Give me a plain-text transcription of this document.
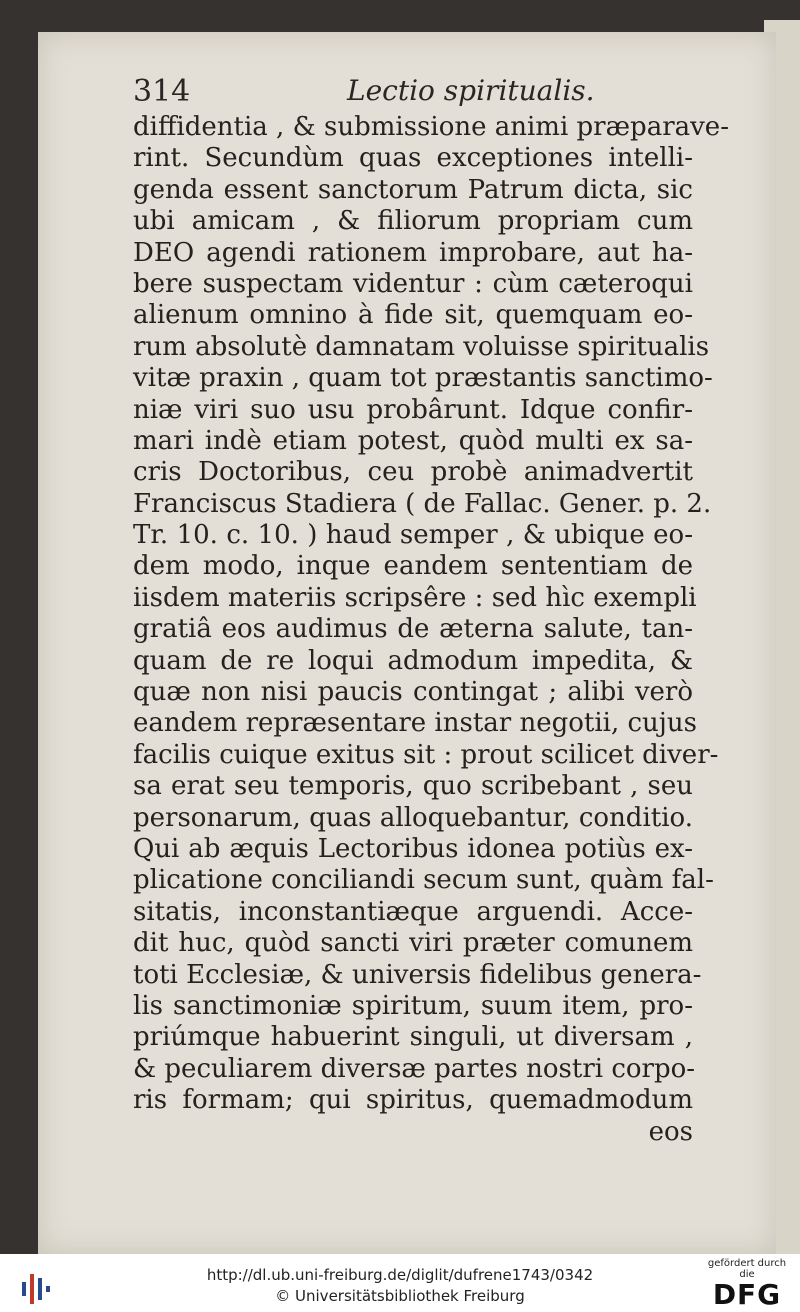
314	Lectio spiritualis.
diffidentia , & submissione animi præparave-
rint. Secundùm quas exceptiones intelli-
genda essent sanctorum Patrum dicta, sic
ubi amicam , & filiorum propriam cum
DEO agendi rationem improbare, aut ha-
bere suspectam videntur : cùm cæteroqui
alienum omnino à fide sit, quemquam eo-
rum absolutè damnatam voluisse spiritualis
vitæ praxin , quam tot præstantis sanctimo-
niæ viri suo usu probârunt. Idque confir-
mari indè etiam potest, quòd multi ex sa-
cris Doctoribus, ceu probè animadvertit
Franciscus Stadiera ( de Fallac. Gener. p. 2.
Tr. 10. c. 10. ) haud semper , & ubique eo-
dem modo, inque eandem sententiam de
iisdem materiis scripsêre : sed hìc exempli
gratiâ eos audimus de æterna salute, tan-
quam de re loqui admodum impedita, &
quæ non nisi paucis contingat ; alibi verò
eandem repræsentare instar negotii, cujus
facilis cuique exitus sit : prout scilicet diver-
sa erat seu temporis, quo scribebant , seu
personarum, quas alloquebantur, conditio.
Qui ab æquis Lectoribus idonea potiùs ex-
plicatione conciliandi secum sunt, quàm fal-
sitatis, inconstantiæque arguendi. Acce-
dit huc, quòd sancti viri præter comunem
toti Ecclesiæ, & universis fidelibus genera-
lis sanctimoniæ spiritum, suum item, pro-
priúmque habuerint singuli, ut diversam ,
& peculiarem diversæ partes nostri corpo-
ris formam; qui spiritus, quemadmodum
eos
http://dl.ub.uni-freiburg.de/diglit/dufrene1743/0342
© Universitätsbibliothek Freiburg
gefördert durch die
DFG
